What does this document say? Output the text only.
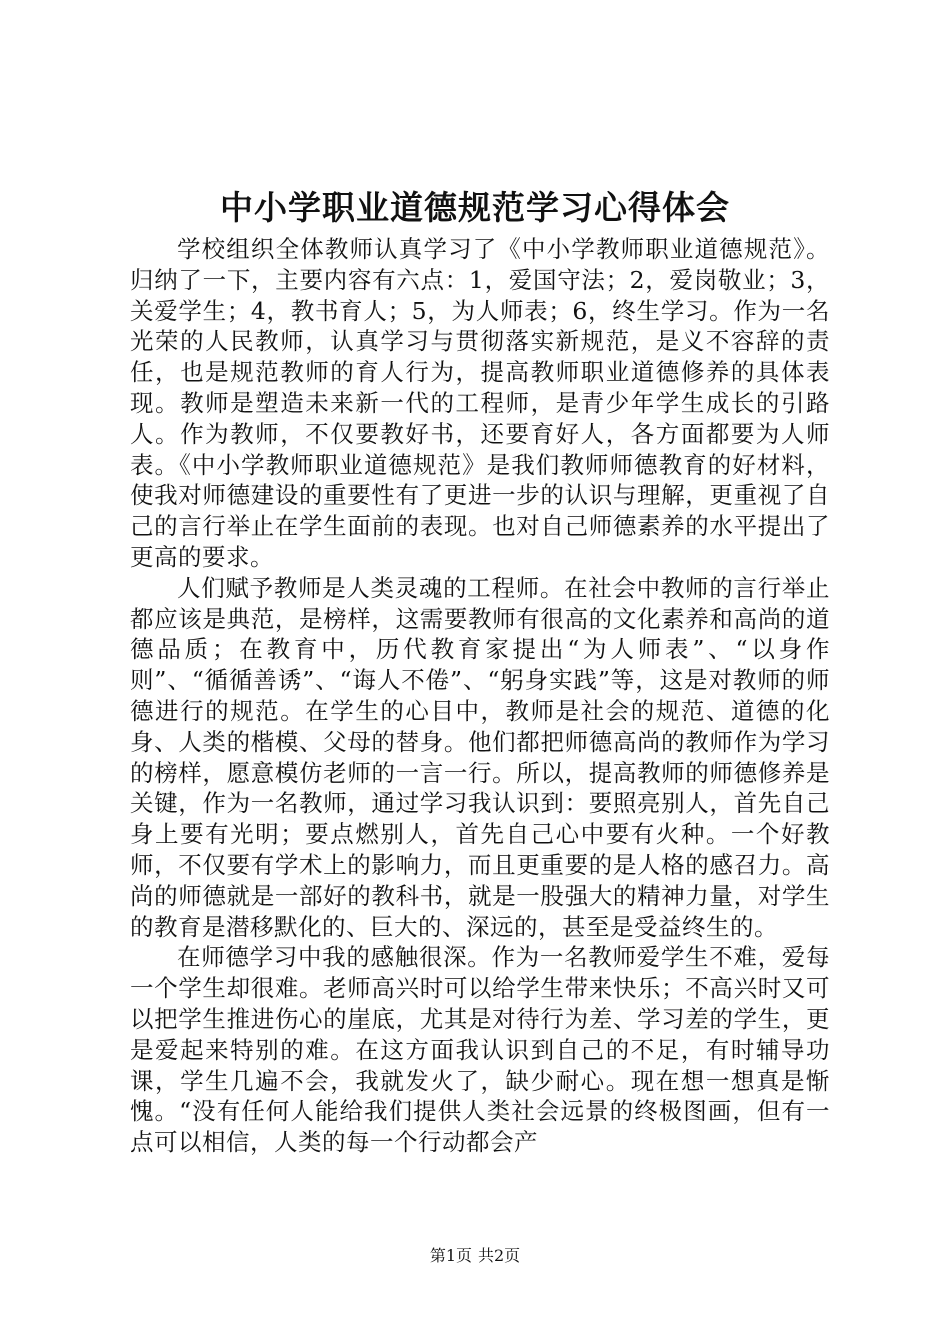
中小学职业道德规范学习心得体会

学校组织全体教师认真学习了《中小学教师职业道德规范》。归纳了一下，主要内容有六点：1，爱国守法；2，爱岗敬业；3，关爱学生；4，教书育人；5，为人师表；6，终生学习。作为一名光荣的人民教师，认真学习与贯彻落实新规范，是义不容辞的责任，也是规范教师的育人行为，提高教师职业道德修养的具体表现。教师是塑造未来新一代的工程师，是青少年学生成长的引路人。作为教师，不仅要教好书，还要育好人，各方面都要为人师表。《中小学教师职业道德规范》是我们教师师德教育的好材料，使我对师德建设的重要性有了更进一步的认识与理解，更重视了自己的言行举止在学生面前的表现。也对自己师德素养的水平提出了更高的要求。

人们赋予教师是人类灵魂的工程师。在社会中教师的言行举止都应该是典范，是榜样，这需要教师有很高的文化素养和高尚的道德品质；在教育中，历代教育家提出“为人师表”、“以身作则”、“循循善诱”、“诲人不倦”、“躬身实践”等，这是对教师的师德进行的规范。在学生的心目中，教师是社会的规范、道德的化身、人类的楷模、父母的替身。他们都把师德高尚的教师作为学习的榜样，愿意模仿老师的一言一行。所以，提高教师的师德修养是关键，作为一名教师，通过学习我认识到：要照亮别人，首先自己身上要有光明；要点燃别人，首先自己心中要有火种。一个好教师，不仅要有学术上的影响力，而且更重要的是人格的感召力。高尚的师德就是一部好的教科书，就是一股强大的精神力量，对学生的教育是潜移默化的、巨大的、深远的，甚至是受益终生的。

在师德学习中我的感触很深。作为一名教师爱学生不难，爱每一个学生却很难。老师高兴时可以给学生带来快乐；不高兴时又可以把学生推进伤心的崖底，尤其是对待行为差、学习差的学生，更是爱起来特别的难。在这方面我认识到自己的不足，有时辅导功课，学生几遍不会，我就发火了，缺少耐心。现在想一想真是惭愧。“没有任何人能给我们提供人类社会远景的终极图画，但有一点可以相信，人类的每一个行动都会产

第1页 共2页
